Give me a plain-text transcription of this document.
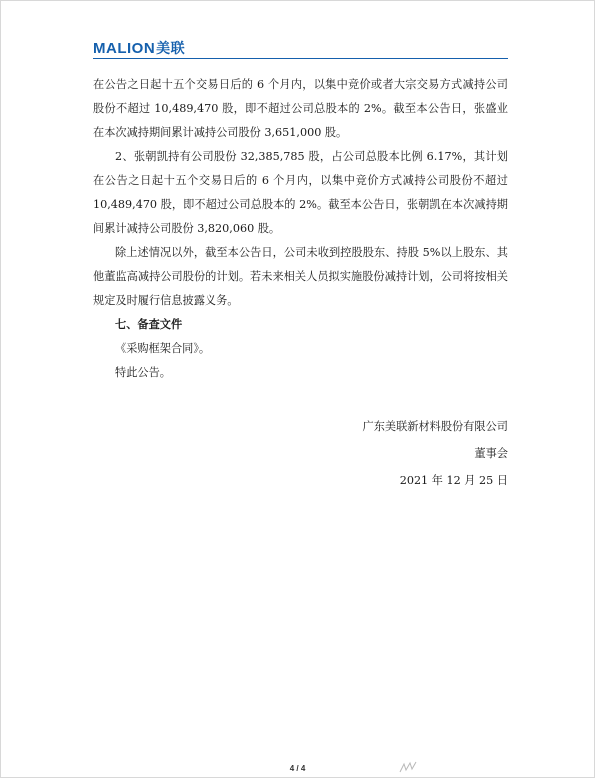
MALION美联

在公告之日起十五个交易日后的 6 个月内，以集中竞价或者大宗交易方式减持公司股份不超过 10,489,470 股，即不超过公司总股本的 2%。截至本公告日，张盛业在本次减持期间累计减持公司股份 3,651,000 股。

2、张朝凯持有公司股份 32,385,785 股，占公司总股本比例 6.17%，其计划在公告之日起十五个交易日后的 6 个月内，以集中竞价方式减持公司股份不超过 10,489,470 股，即不超过公司总股本的 2%。截至本公告日，张朝凯在本次减持期间累计减持公司股份 3,820,060 股。

除上述情况以外，截至本公告日，公司未收到控股股东、持股 5%以上股东、其他董监高减持公司股份的计划。若未来相关人员拟实施股份减持计划，公司将按相关规定及时履行信息披露义务。

七、备查文件

《采购框架合同》。

特此公告。

广东美联新材料股份有限公司
董事会
2021 年 12 月 25 日
4 / 4
